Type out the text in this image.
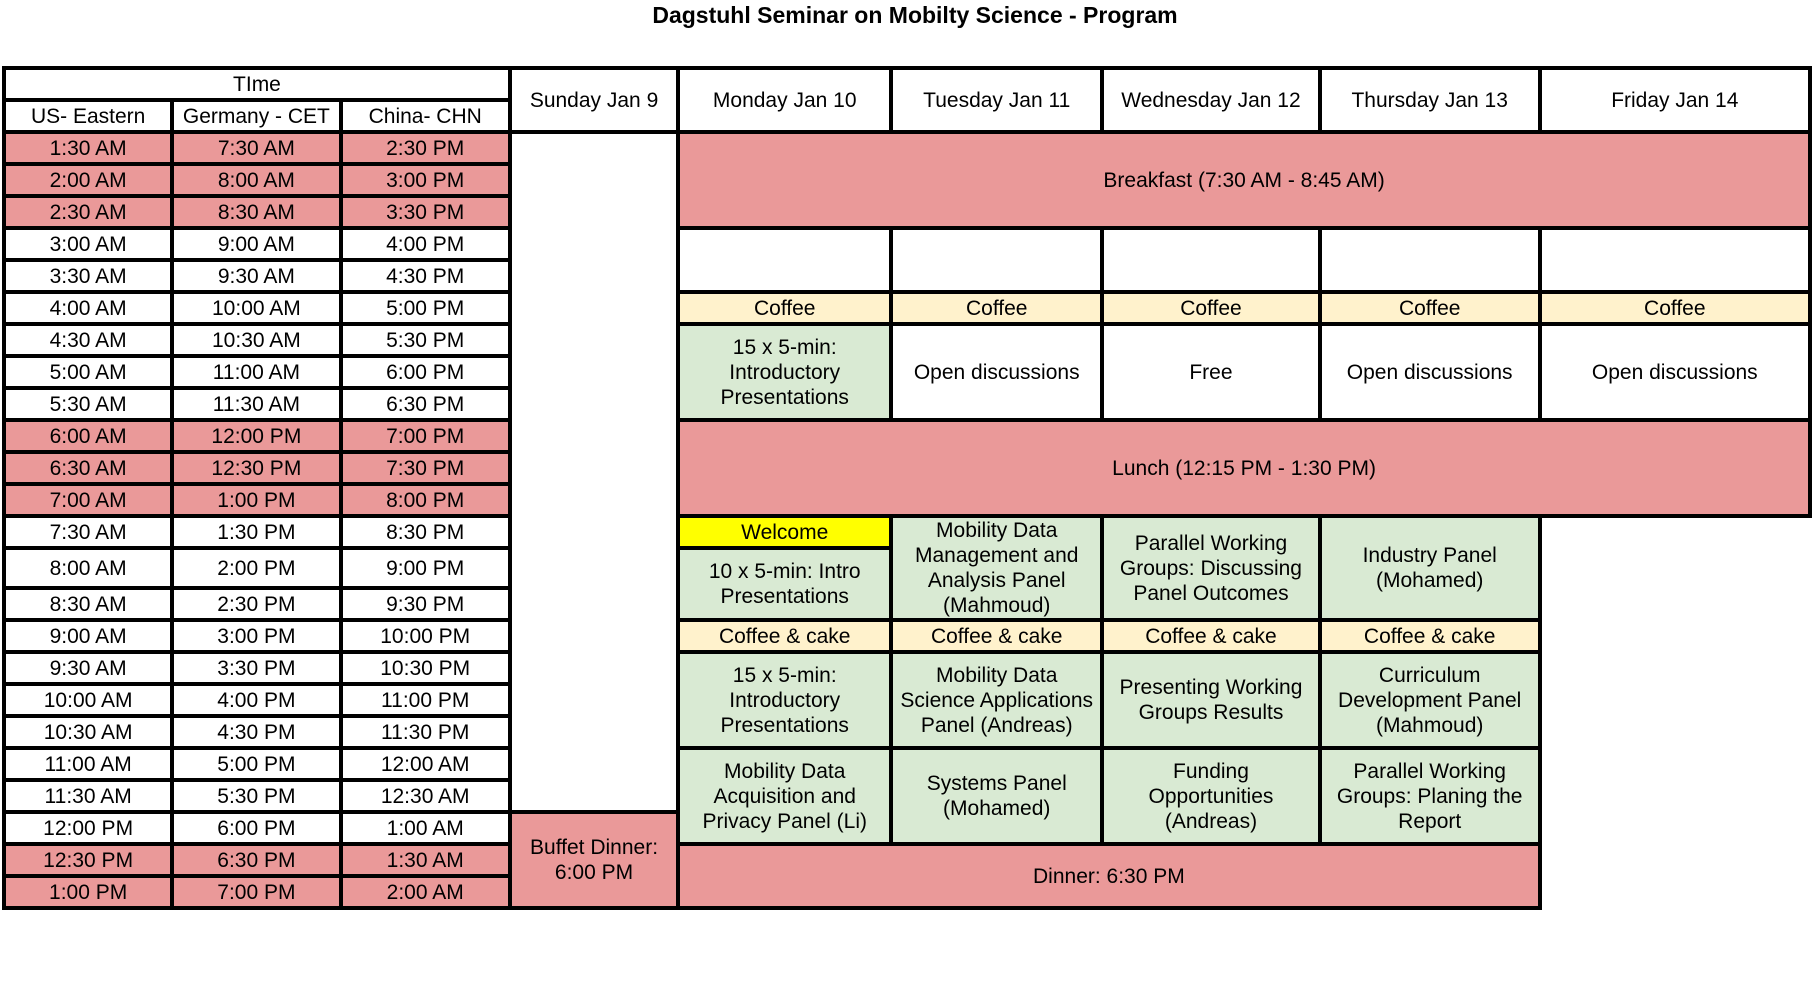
Dagstuhl Seminar on Mobilty Science - Program
TIme			Sunday Jan 9	Monday Jan 10	Tuesday Jan 11	Wednesday Jan 12	Thursday Jan 13	Friday Jan 14
US- Eastern	Germany - CET	China- CHN						
1:30 AM	7:30 AM	2:30 PM		Breakfast (7:30 AM - 8:45 AM)				
2:00 AM	8:00 AM	3:00 PM						
2:30 AM	8:30 AM	3:30 PM						
3:00 AM	9:00 AM	4:00 PM						
3:30 AM	9:30 AM	4:30 PM						
4:00 AM	10:00 AM	5:00 PM		Coffee	Coffee	Coffee	Coffee	Coffee
4:30 AM	10:30 AM	5:30 PM		15 x 5-min: Introductory Presentations	Open discussions	Free	Open discussions	Open discussions
5:00 AM	11:00 AM	6:00 PM						
5:30 AM	11:30 AM	6:30 PM						
6:00 AM	12:00 PM	7:00 PM		Lunch (12:15 PM - 1:30 PM)				
6:30 AM	12:30 PM	7:30 PM						
7:00 AM	1:00 PM	8:00 PM						
7:30 AM	1:30 PM	8:30 PM		Welcome	Mobility Data Management and Analysis Panel (Mahmoud)	Parallel Working Groups: Discussing Panel Outcomes	Industry Panel (Mohamed)	
8:00 AM	2:00 PM	9:00 PM		10 x 5-min: Intro Presentations				
8:30 AM	2:30 PM	9:30 PM						
9:00 AM	3:00 PM	10:00 PM		Coffee & cake	Coffee & cake	Coffee & cake	Coffee & cake	
9:30 AM	3:30 PM	10:30 PM		15 x 5-min: Introductory Presentations	Mobility Data Science Applications Panel (Andreas)	Presenting Working Groups Results	Curriculum Development Panel (Mahmoud)	
10:00 AM	4:00 PM	11:00 PM						
10:30 AM	4:30 PM	11:30 PM						
11:00 AM	5:00 PM	12:00 AM		Mobility Data Acquisition and Privacy Panel (Li)	Systems Panel (Mohamed)	Funding Opportunities (Andreas)	Parallel Working Groups: Planing the Report	
11:30 AM	5:30 PM	12:30 AM						
12:00 PM	6:00 PM	1:00 AM	Buffet Dinner: 6:00 PM					
12:30 PM	6:30 PM	1:30 AM		Dinner: 6:30 PM				
1:00 PM	7:00 PM	2:00 AM						
